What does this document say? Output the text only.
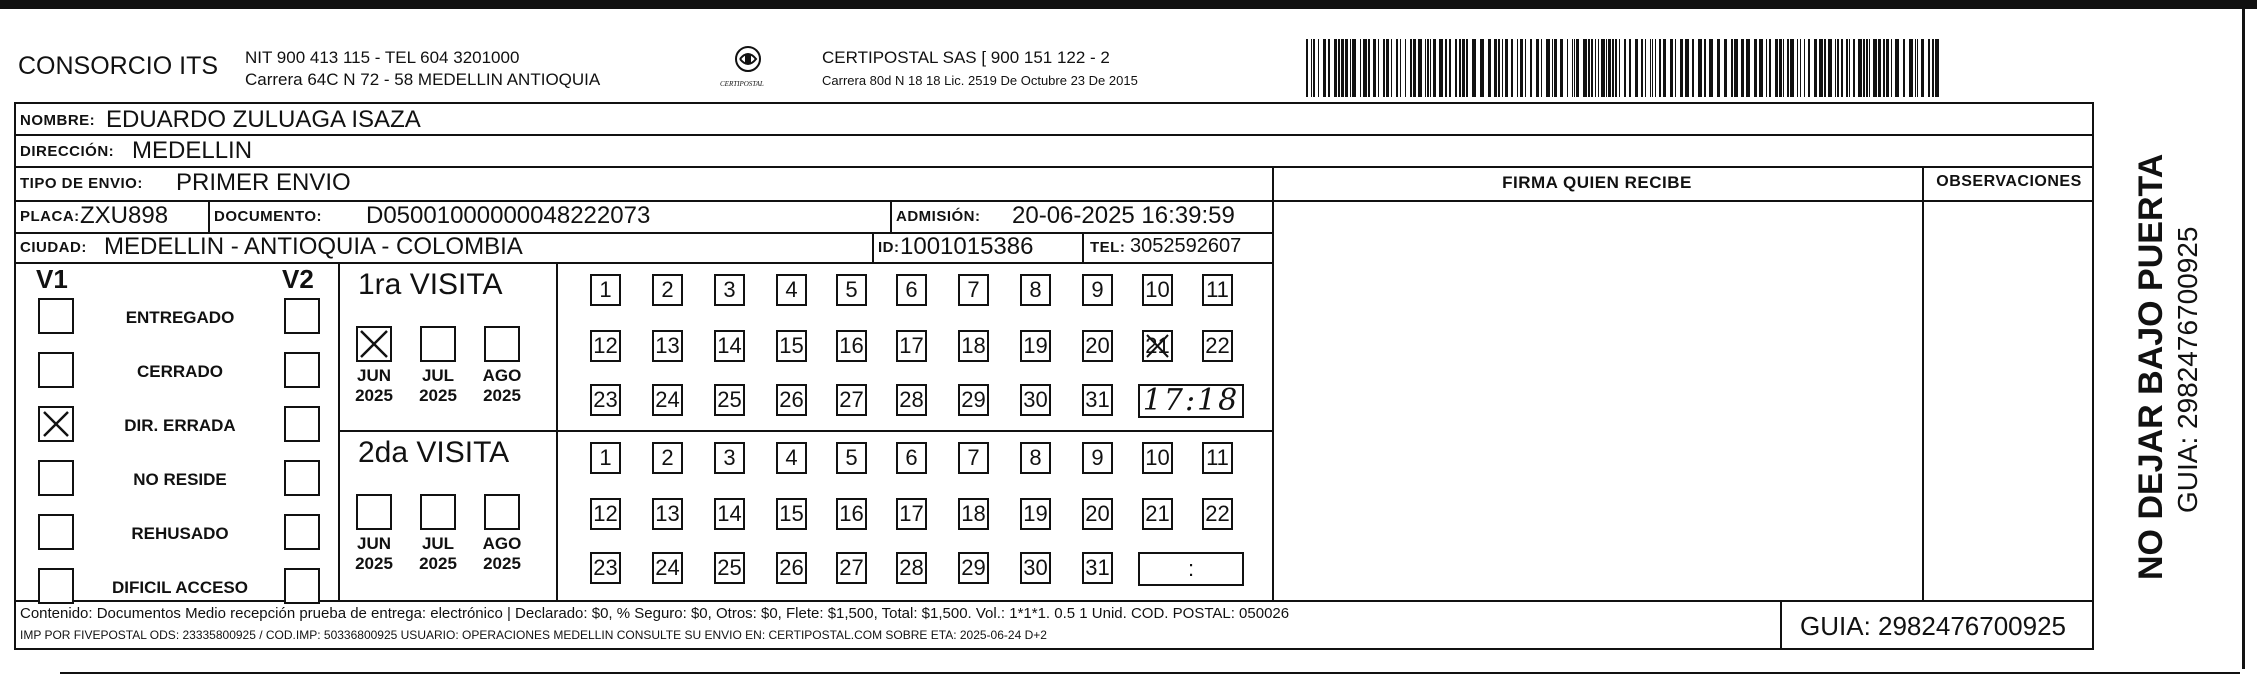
CONSORCIO ITS NIT 900 413 115 - TEL 604 3201000
Carrera 64C N 72 - 58 MEDELLIN ANTIOQUIA	CERTIPOSTAL
CERTIPOSTAL SAS [ 900 151 122 - 2
Carrera 80d N 18 18 Lic. 2519 De Octubre 23 De 2015
FIRMA QUIEN RECIBE	OBSERVACIONES	NO DEJAR BAJO PUERTA GUIA: 2982476700925
NOMBRE: EDUARDO ZULUAGA ISAZA
DIRECCIÓN: MEDELLIN
TIPO DE ENVIO: PRIMER ENVIO
PLACA: ZXU898	DOCUMENTO: D05001000000048222073	ADMISIÓN: 20-06-2025 16:39:59
CIUDAD: MEDELLIN - ANTIOQUIA - COLOMBIA	ID: 1001015386	TEL: 3052592607
V1	V2
ENTREGADO
CERRADO
DIR. ERRADA
NO RESIDE
REHUSADO
DIFICIL ACCESO
1ra VISITA
JUN
2025
JUL
2025
AGO
2025
1	2	3	4	5	6	7	8	9	10 11
12 13 14 15 16 17 18 19 20 21 22
23 24 25 26 27 28 29 30 31 17:18
2da VISITA
JUN
2025
JUL
2025
AGO
2025
1	2	3	4	5	6	7	8	9	10 11
12 13 14 15 16 17 18 19 20 21 22
23 24 25 26 27 28 29 30 31	:
Contenido: Documentos Medio recepción prueba de entrega: electrónico | Declarado: $0, % Seguro: $0, Otros: $0, Flete: $1,500, Total: $1,500. Vol.: 1*1*1. 0.5 1 Unid. COD. POSTAL: 050026
IMP POR FIVEPOSTAL ODS: 23335800925 / COD.IMP: 50336800925 USUARIO: OPERACIONES MEDELLIN CONSULTE SU ENVIO EN: CERTIPOSTAL.COM SOBRE ETA: 2025-06-24 D+2	GUIA: 2982476700925
